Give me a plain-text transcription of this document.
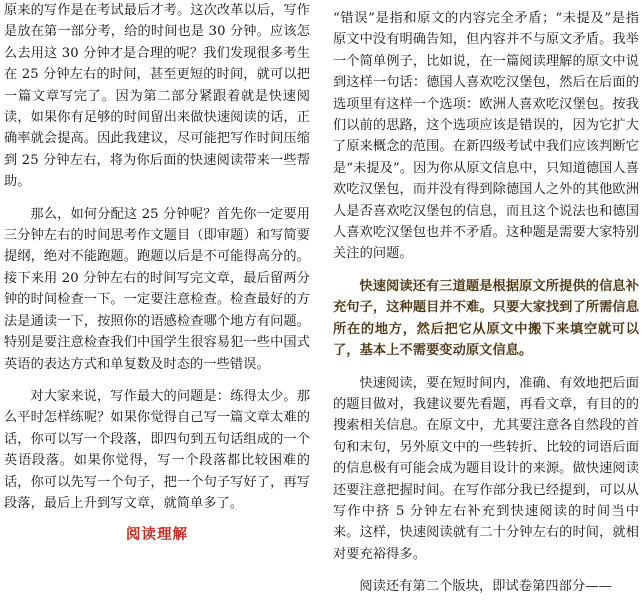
原来的写作是在考试最后才考。这次改革以后，写作是放在第一部分考，给的时间也是 30 分钟。应该怎么去用这 30 分钟才是合理的呢？我们发现很多考生在 25 分钟左右的时间，甚至更短的时间，就可以把一篇文章写完了。因为第二部分紧跟着就是快速阅读，如果你有足够的时间留出来做快速阅读的话，正确率就会提高。因此我建议，尽可能把写作时间压缩到 25 分钟左右，将为你后面的快速阅读带来一些帮助。

那么，如何分配这 25 分钟呢？首先你一定要用三分钟左右的时间思考作文题目（即审题）和写简要提纲，绝对不能跑题。跑题以后是不可能得高分的。接下来用 20 分钟左右的时间写完文章，最后留两分钟的时间检查一下。一定要注意检查。检查最好的方法是通读一下，按照你的语感检查哪个地方有问题。特别是要注意检查我们中国学生很容易犯一些中国式英语的表达方式和单复数及时态的一些错误。

对大家来说，写作最大的问题是：练得太少。那么平时怎样练呢？如果你觉得自己写一篇文章太难的话，你可以写一个段落，即四句到五句话组成的一个英语段落。如果你觉得，写一个段落都比较困难的话，你可以先写一个句子，把一个句子写好了，再写段落，最后上升到写文章，就简单多了。

阅读理解

“错误”是指和原文的内容完全矛盾；“未提及”是指原文中没有明确告知，但内容并不与原文矛盾。我举一个简单例子，比如说，在一篇阅读理解的原文中说到这样一句话：德国人喜欢吃汉堡包，然后在后面的选项里有这样一个选项：欧洲人喜欢吃汉堡包。按我们以前的思路，这个选项应该是错误的，因为它扩大了原来概念的范围。在新四级考试中我们应该判断它是“未提及”。因为你从原文信息中，只知道德国人喜欢吃汉堡包，而并没有得到除德国人之外的其他欧洲人是否喜欢吃汉堡包的信息，而且这个说法也和德国人喜欢吃汉堡包也并不矛盾。这种题是需要大家特别关注的问题。

快速阅读还有三道题是根据原文所提供的信息补充句子，这种题目并不难。只要大家找到了所需信息所在的地方，然后把它从原文中搬下来填空就可以了，基本上不需要变动原文信息。

快速阅读，要在短时间内，准确、有效地把后面的题目做对，我建议要先看题，再看文章，有目的的搜索相关信息。在原文中，尤其要注意各自然段的首句和末句，另外原文中的一些转折、比较的词语后面的信息极有可能会成为题目设计的来源。做快速阅读还要注意把握时间。在写作部分我已经提到，可以从写作中挤 5 分钟左右补充到快速阅读的时间当中来。这样，快速阅读就有二十分钟左右的时间，就相对要充裕得多。

阅读还有第二个版块，即试卷第四部分——
